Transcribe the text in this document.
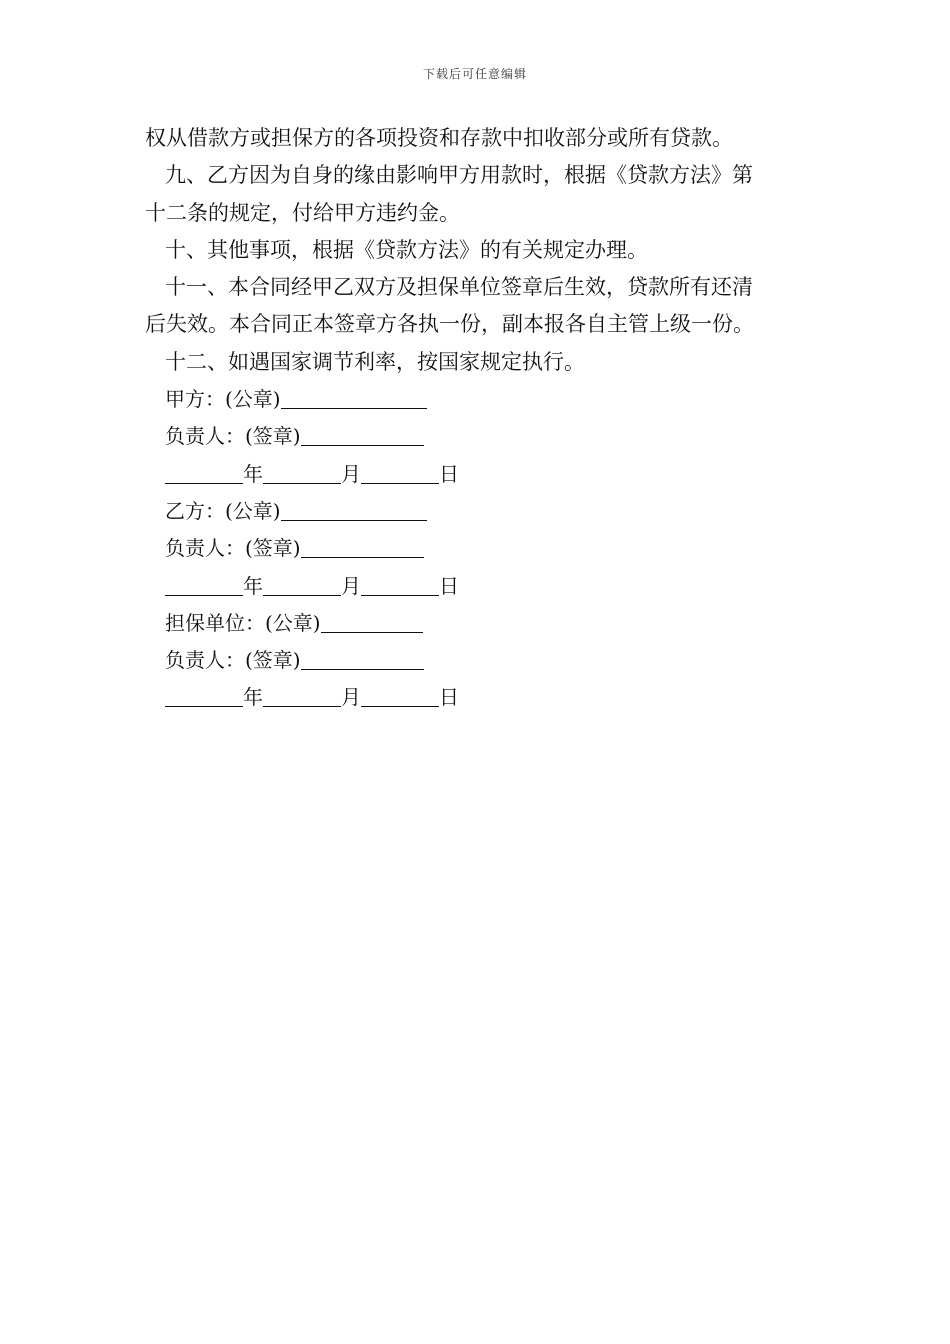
下载后可任意编辑
权从借款方或担保方的各项投资和存款中扣收部分或所有贷款。
九、乙方因为自身的缘由影响甲方用款时，根据《贷款方法》第
十二条的规定，付给甲方违约金。
十、其他事项，根据《贷款方法》的有关规定办理。
十一、本合同经甲乙双方及担保单位签章后生效，贷款所有还清
后失效。本合同正本签章方各执一份，副本报各自主管上级一份。
十二、如遇国家调节利率，按国家规定执行。
甲方：(公章)
负责人：(签章)
年	月	日
乙方：(公章)
负责人：(签章)
年	月	日
担保单位：(公章)
负责人：(签章)
年	月	日
